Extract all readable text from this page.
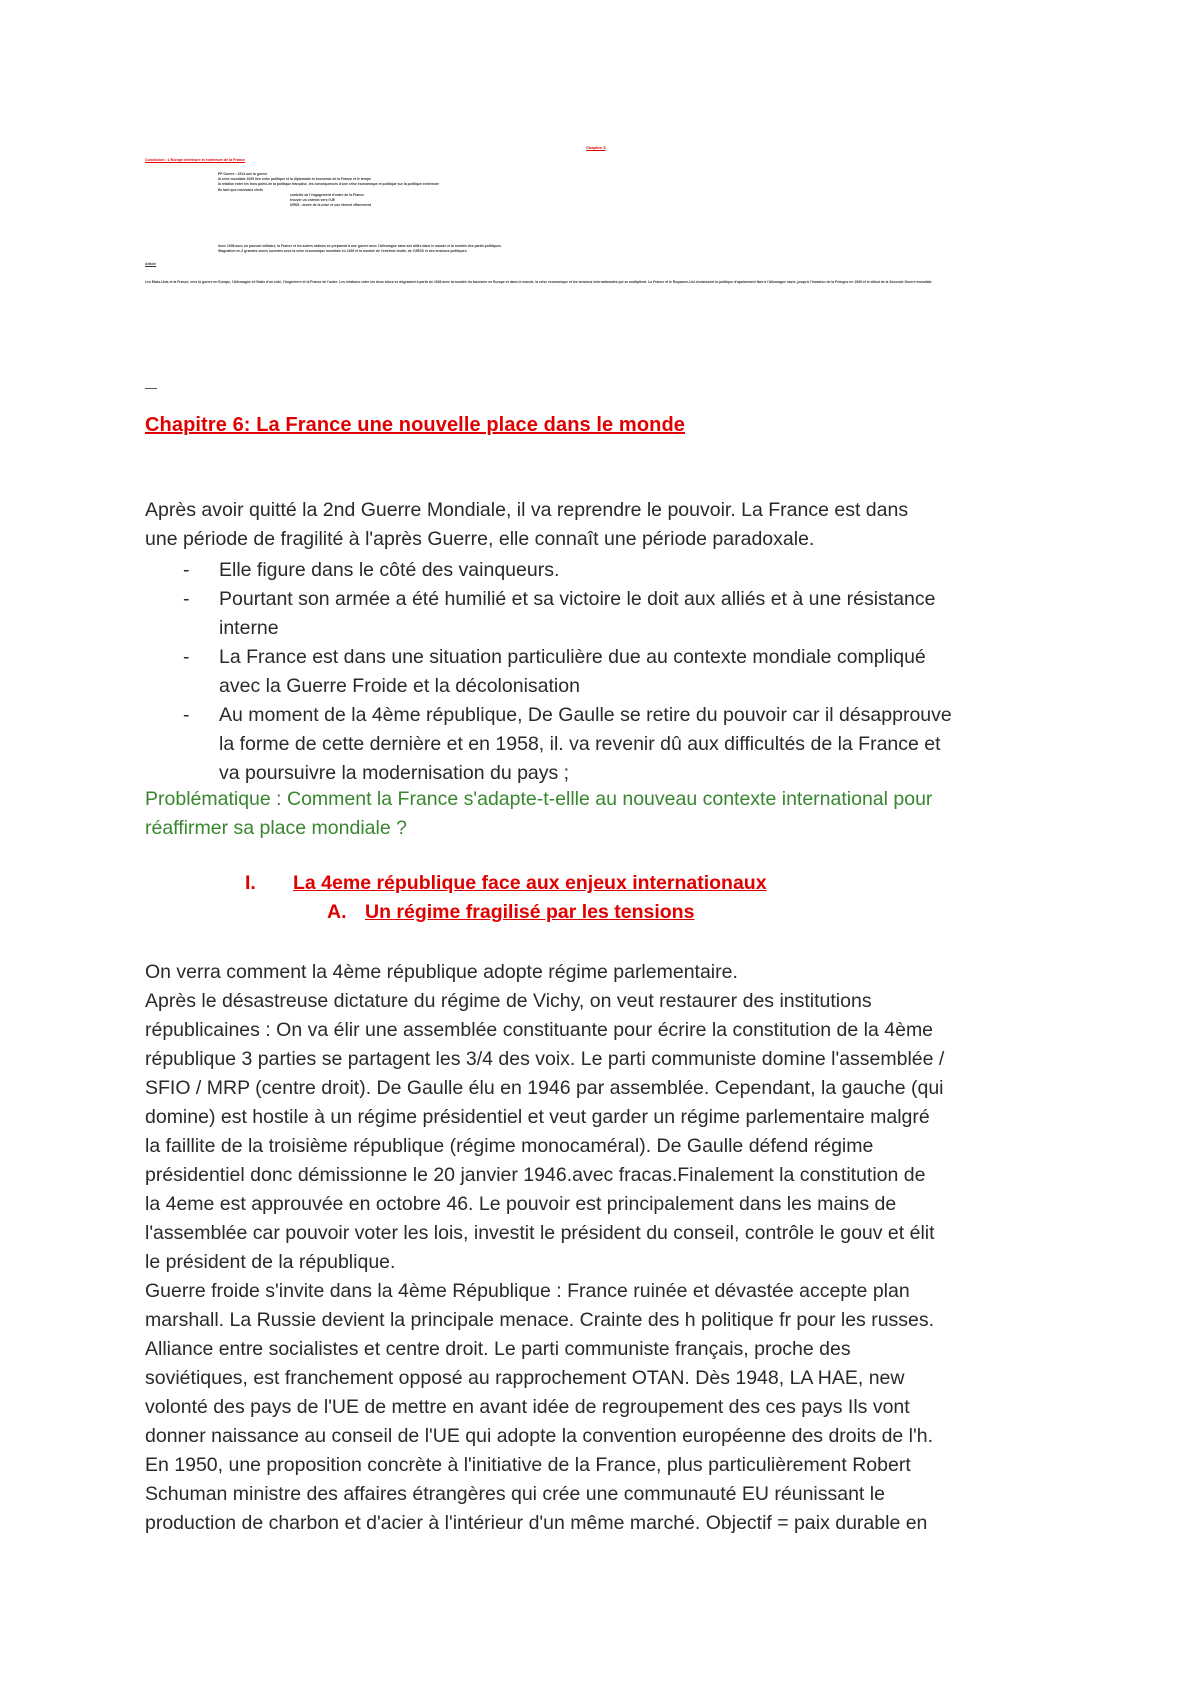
Chapitre 5
Conclusion : L'Europe intérieure et extérieure de la France
PP Guerre : 1914 une la guerre
la crise mondiale 1929 lien entre politique et la diplomatie et économie de la France et le temps
la relation entre les trois partis de la politique française, les conséquences d'une crise économique et politique sur la politique extérieure
En tant que nouveaux chefs
contrôle de l'engagement d'ordre de la France
trouver un chemin vers l'UE
URSS : durée de la crise et son éternel effacement
Avec 1936 avec un pouvoir militaire, la France et les autres nations se préparent à une guerre avec l'Allemagne sans ses alliés dans le monde et la montée des partis politiques.
Stagnation en 2 grandes zones ouvertes avec la crise économique mondiale en 1929 et la montée de l'extrême droite, de l'URSS et des tensions politiques.
Article
Les Etats-Unis et la France, vers la guerre en Europe, l'Allemagne et l'Italie d'un côté, l'Angleterre et la France de l'autre. Les relations entre les deux blocs se dégradent à partir de 1936 avec la montée du fascisme en Europe et dans le monde, la crise économique et les tensions internationales qui se multiplient. La France et le Royaume-Uni choisissent la politique d'apaisement face à l'Allemagne nazie, jusqu'à l'invasion de la Pologne en 1939 et le début de la Seconde Guerre mondiale.
Chapitre 6: La France une nouvelle place dans le monde
Après avoir quitté la 2nd Guerre Mondiale, il va reprendre le pouvoir. La France est dans
une période de fragilité à l'après Guerre, elle connaît une période paradoxale.
- Elle figure dans le côté des vainqueurs.
- Pourtant son armée a été humilié et sa victoire le doit aux alliés et à une résistance
interne
- La France est dans une situation particulière due au contexte mondiale compliqué
avec la Guerre Froide et la décolonisation
- Au moment de la 4ème république, De Gaulle se retire du pouvoir car il désapprouve
la forme de cette dernière et en 1958, il. va revenir dû aux difficultés de la France et
va poursuivre la modernisation du pays ;
Problématique : Comment la France s'adapte-t-ellle au nouveau contexte international pour
réaffirmer sa place mondiale ?
I. La 4eme république face aux enjeux internationaux
A. Un régime fragilisé par les tensions

On verra comment la 4ème république adopte régime parlementaire.

Après le désastreuse dictature du régime de Vichy, on veut restaurer des institutions

républicaines : On va élir une assemblée constituante pour écrire la constitution de la 4ème

république 3 parties se partagent les 3/4 des voix. Le parti communiste domine l'assemblée /

SFIO / MRP (centre droit). De Gaulle élu en 1946 par assemblée. Cependant, la gauche (qui

domine) est hostile à un régime présidentiel et veut garder un régime parlementaire malgré

la faillite de la troisième république (régime monocaméral). De Gaulle défend régime

présidentiel donc démissionne le 20 janvier 1946.avec fracas.Finalement la constitution de

la 4eme est approuvée en octobre 46. Le pouvoir est principalement dans les mains de

l'assemblée car pouvoir voter les lois, investit le président du conseil, contrôle le gouv et élit

le président de la république.

Guerre froide s'invite dans la 4ème République : France ruinée et dévastée accepte plan

marshall. La Russie devient la principale menace. Crainte des h politique fr pour les russes.

Alliance entre socialistes et centre droit. Le parti communiste français, proche des

soviétiques, est franchement opposé au rapprochement OTAN. Dès 1948, LA HAE, new

volonté des pays de l'UE de mettre en avant idée de regroupement des ces pays Ils vont

donner naissance au conseil de l'UE qui adopte la convention européenne des droits de l'h.

En 1950, une proposition concrète à l'initiative de la France, plus particulièrement Robert

Schuman ministre des affaires étrangères qui crée une communauté EU réunissant le

production de charbon et d'acier à l'intérieur d'un même marché. Objectif = paix durable en
